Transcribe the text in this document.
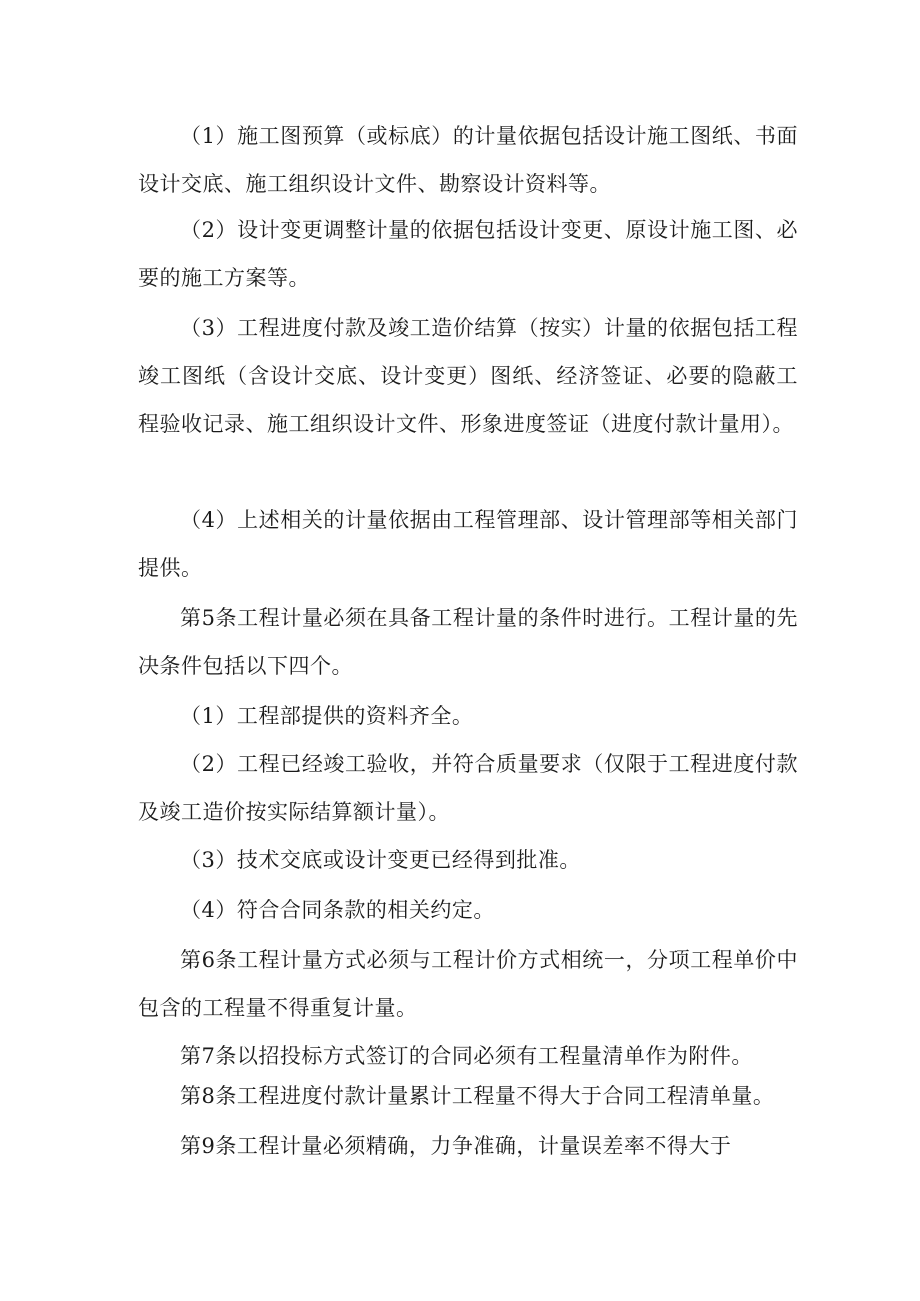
（1）施工图预算（或标底）的计量依据包括设计施工图纸、书面设计交底、施工组织设计文件、勘察设计资料等。

（2）设计变更调整计量的依据包括设计变更、原设计施工图、必要的施工方案等。

（3）工程进度付款及竣工造价结算（按实）计量的依据包括工程竣工图纸（含设计交底、设计变更）图纸、经济签证、必要的隐蔽工程验收记录、施工组织设计文件、形象进度签证（进度付款计量用）。

（4）上述相关的计量依据由工程管理部、设计管理部等相关部门提供。

第5条工程计量必须在具备工程计量的条件时进行。工程计量的先决条件包括以下四个。

（1）工程部提供的资料齐全。

（2）工程已经竣工验收，并符合质量要求（仅限于工程进度付款及竣工造价按实际结算额计量）。

（3）技术交底或设计变更已经得到批准。

（4）符合合同条款的相关约定。

第6条工程计量方式必须与工程计价方式相统一，分项工程单价中包含的工程量不得重复计量。

第7条以招投标方式签订的合同必须有工程量清单作为附件。

第8条工程进度付款计量累计工程量不得大于合同工程清单量。

第9条工程计量必须精确，力争准确，计量误差率不得大于
